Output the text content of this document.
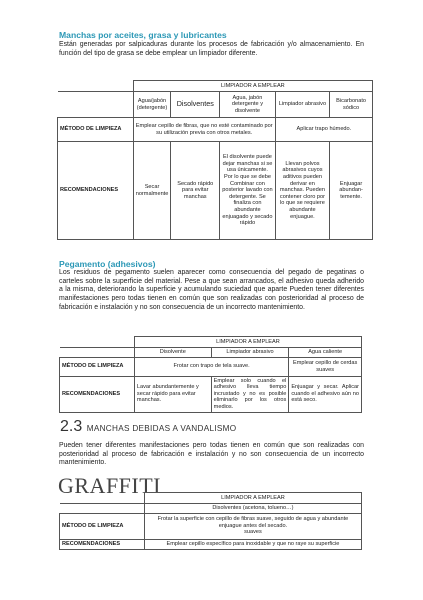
Manchas por aceites, grasa y lubricantes
Están generadas por salpicaduras durante los procesos de fabricación y/o almacenamiento. En función del tipo de grasa se debe emplear un limpiador diferente.
	LIMPIADOR A EMPLEAR				
	Agua/jabón (detergente)	Disolventes	Agua, jabón detergente y disolvente	Limpiador abrasivo	Bicarbonato sódico
MÉTODO DE LIMPIEZA	Emplear cepillo de fibras, que no esté contaminado por su utilización previa con otros metales.			Aplicar trapo húmedo.	
RECOMENDACIONES	Secar normalmente	Secado rápido para evitar manchas	El disolvente puede dejar manchas si se usa únicamente. Por lo que se debe Combinar con posterior lavado con detergente. Se finaliza con abundante enjuagado y secado rápido	Llevan polvos abrasivos cuyos aditivos pueden derivar en manchas. Pueden contener cloro por lo que se requiere abundante enjuague.	Enjuagar abundan-temente.
Pegamento (adhesivos)
Los residuos de pegamento suelen aparecer como consecuencia del pegado de pegatinas o carteles sobre la superficie del material. Pese a que sean arrancados, el adhesivo queda adherido a la misma, deteriorando la superficie y acumulando suciedad que aparte Pueden tener diferentes manifestaciones pero todas tienen en común que son realizadas con posterioridad al proceso de fabricación e instalación y no son consecuencia de un incorrecto mantenimiento.
	LIMPIADOR A EMPLEAR		
	Disolvente	Limpiador abrasivo	Agua caliente
MÉTODO DE LIMPIEZA	Frotar con trapo de tela suave.		Emplear cepillo de cerdas suaves
RECOMENDACIONES	Lavar abundantemente y secar rápido para evitar manchas.	Emplear solo cuando el adhesivo lleva tiempo incrustado y no es posible eliminarlo por los otros medios.	Enjuagar y secar. Aplicar cuando el adhesivo aún no está seco.
2.3 MANCHAS DEBIDAS A VANDALISMO
Pueden tener diferentes manifestaciones pero todas tienen en común que son realizadas con posterioridad al proceso de fabricación e instalación y no son consecuencia de un incorrecto mantenimiento.
GRAFFITI
		LIMPIADOR A EMPLEAR
	Disolventes (acetona, tolueno…)
MÉTODO DE LIMPIEZA	Frotar la superficie con cepillo de fibras suave, seguido de agua y abundante enjuague antes del secado.
suaves

RECOMENDACIONES	Emplear cepillo específico para inoxidable y que no raye su superficie
